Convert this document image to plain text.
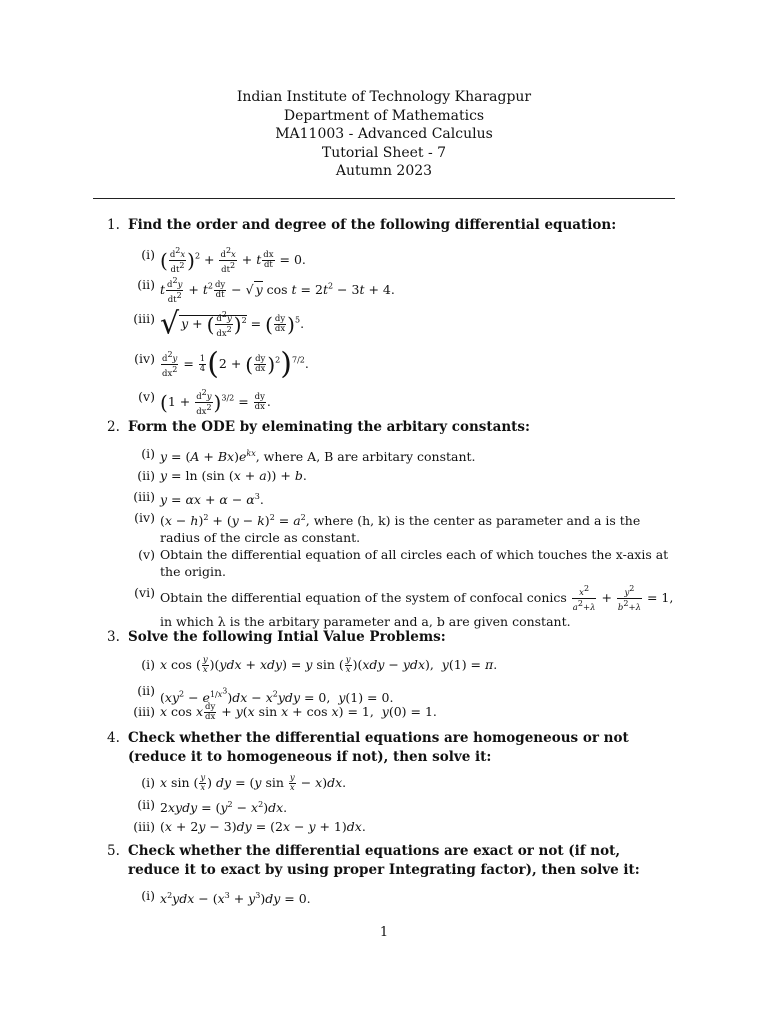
Indian Institute of Technology Kharagpur
Department of Mathematics
MA11003 - Advanced Calculus
Tutorial Sheet - 7
Autumn 2023
1. Find the order and degree of the following differential equation:
(i) ( $\frac{d^2x}{dt^2} )^2 + \frac{d^2x}{dt^2} + t \frac{dx}{dt} = 0$.
(ii) t $\frac{d^2y}{dt^2} + t^2 \frac{dy}{dt}$ − √ y $\cos t = 2t^2 - 3t + 4$.
(iii) √ y + ( $\frac{d^2y}{dx^2} )^2$ = ( $\frac{dy}{dx} )^5$.
$(iv) \frac{d^2y}{dx^2} = \frac{1}{4} (2$ + ( $\frac{dy}{dx} )^2)^{7/2}$.
(v) $(1 + \frac{d^2y}{dx^2} )^{3/2} = \frac{dy}{dx}$ .
2. Form the ODE by eleminating the arbitary constants:
(i) $y = (A + Bx)e^{kx}$, where A, B are arbitary constant.
(ii) y = ln (sin (x + a)) + b.
(iii) $y = \alpha x + \alpha - \alpha^3$.
(iv) $(x - h)^2 + (y - k)^2 = a^2$, where (h, k) is the center as parameter and a is the radius of the circle as constant.
(v) Obtain the differential equation of all circles each of which touches the x-axis at the origin.
(vi) Obtain the differential equation of the system of confocal conics $\frac{x^2}{a^2+\lambda} + \frac{y^2}{b^2+\lambda} = 1$, in which λ is the arbitary parameter and a, b are given constant.
3. Solve the following Intial Value Problems:
(i) x cos ( $\frac{y}{x} )(ydx + xdy) = y$ sin ( $\frac{y}{x} )(xdy - ydx)$,  y(1) = π.
(ii) $(xy^2 - e^{1/x^3})dx - x^2ydy = 0$,  y(1) = 0.
(iii) x cos x $\frac{dy}{dx} + y(x$ sin x + cos x) = 1,  y(0) = 1.
4. Check whether the differential equations are homogeneous or not (reduce it to homogeneous if not), then solve it:
(i) x sin ( $\frac{y}{x}$ ) dy = (y $\sin \frac{y}{x} - x)dx$.
(ii) 2xydy = $(y^2 - x^2)dx$.
(iii) (x + 2y − 3)dy = (2x − y + 1)dx.
5. Check whether the differential equations are exact or not (if not, reduce it to exact by using proper Integrating factor), then solve it:
(i) $x^2ydx - (x^3 + y^3)dy = 0$.
1
